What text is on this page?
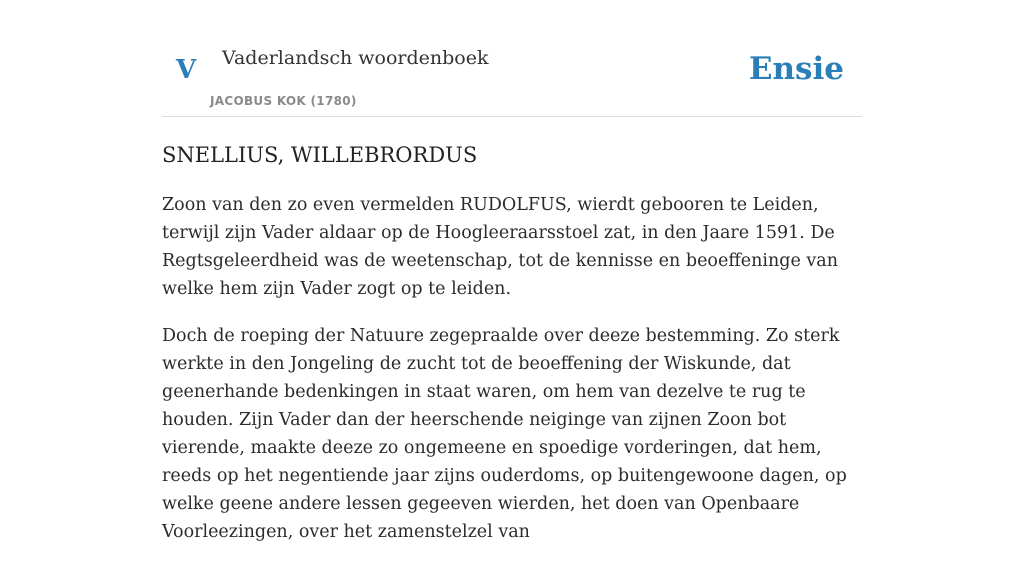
V Vaderlandsch woordenboek
JACOBUS KOK (1780)
Ensie
SNELLIUS, WILLEBRORDUS

Zoon van den zo even vermelden RUDOLFUS, wierdt gebooren te Leiden, terwijl zijn Vader aldaar op de Hoogleeraarsstoel zat, in den Jaare 1591. De Regtsgeleerdheid was de weetenschap, tot de kennisse en beoeffeninge van welke hem zijn Vader zogt op te leiden.

Doch de roeping der Natuure zegepraalde over deeze bestemming. Zo sterk werkte in den Jongeling de zucht tot de beoeffening der Wiskunde, dat geenerhande bedenkingen in staat waren, om hem van dezelve te rug te houden. Zijn Vader dan der heerschende neiginge van zijnen Zoon bot vierende, maakte deeze zo ongemeene en spoedige vorderingen, dat hem, reeds op het negentiende jaar zijns ouderdoms, op buitengewoone dagen, op welke geene andere lessen gegeeven wierden, het doen van Openbaare Voorleezingen, over het zamenstelzel van
